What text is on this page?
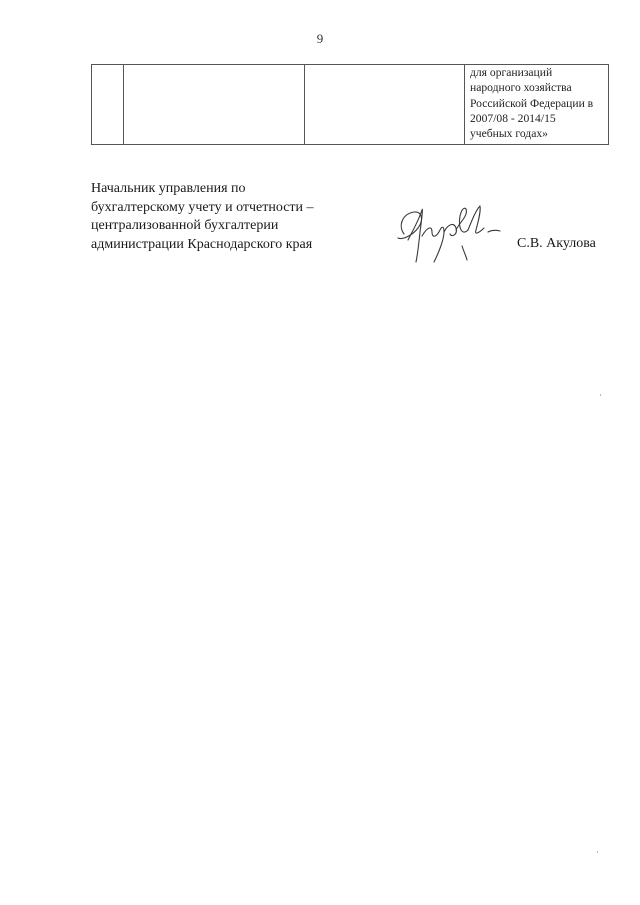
9

для организаций
народного хозяйства
Российской Федерации в
2007/08 - 2014/15
учебных годах»
Начальник управления по
бухгалтерскому учету и отчетности –
централизованной бухгалтерии
администрации Краснодарского края	С.В. Акулова
